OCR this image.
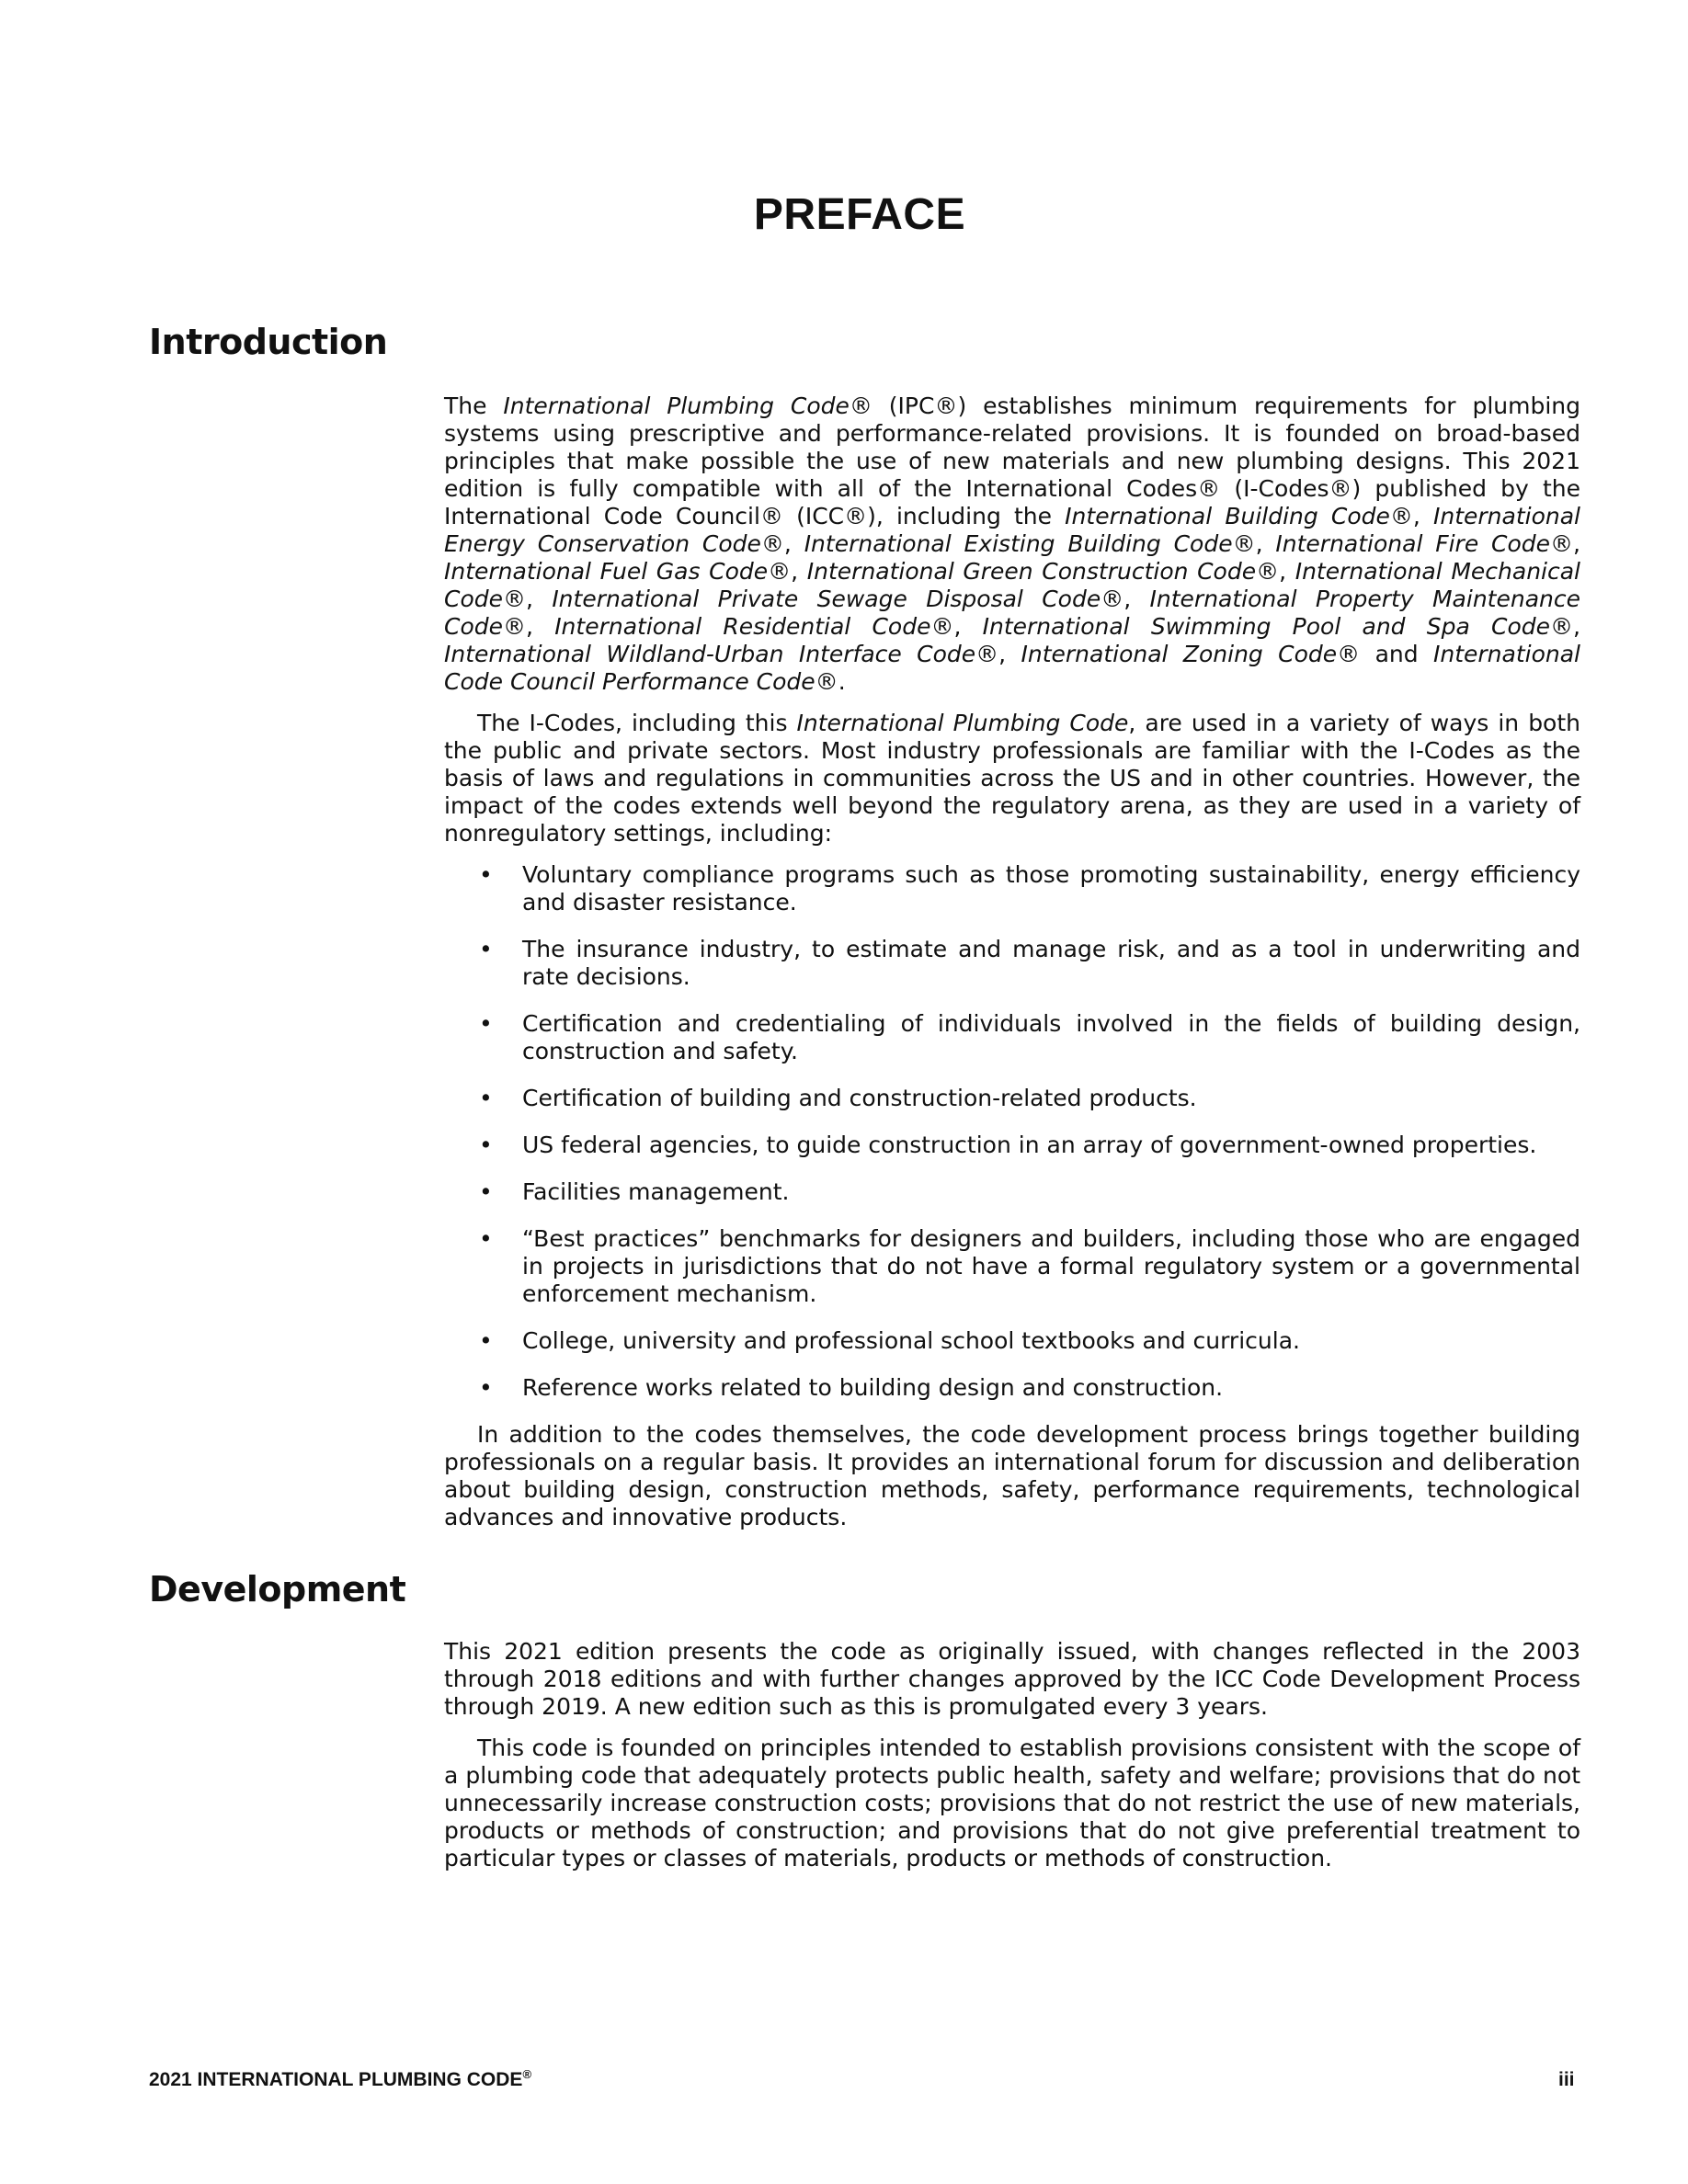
PREFACE
Introduction

The International Plumbing Code® (IPC®) establishes minimum requirements for plumbing systems using prescriptive and performance-related provisions. It is founded on broad-based principles that make possible the use of new materials and new plumbing designs. This 2021 edition is fully compatible with all of the International Codes® (I-Codes®) published by the International Code Council® (ICC®), including the International Building Code®, International Energy Conservation Code®, International Existing Building Code®, International Fire Code®, International Fuel Gas Code®, International Green Construction Code®, International Mechanical Code®, International Private Sewage Disposal Code®, International Property Maintenance Code®, International Residential Code®, International Swimming Pool and Spa Code®, International Wildland-Urban Interface Code®, International Zoning Code® and International Code Council Performance Code®.

The I-Codes, including this International Plumbing Code, are used in a variety of ways in both the public and private sectors. Most industry professionals are familiar with the I-Codes as the basis of laws and regulations in communities across the US and in other countries. However, the impact of the codes extends well beyond the regulatory arena, as they are used in a variety of nonregulatory settings, including:

• Voluntary compliance programs such as those promoting sustainability, energy efficiency and disaster resistance.
• The insurance industry, to estimate and manage risk, and as a tool in underwriting and rate decisions.
• Certification and credentialing of individuals involved in the fields of building design, construction and safety.
• Certification of building and construction-related products.
• US federal agencies, to guide construction in an array of government-owned properties.
• Facilities management.
• “Best practices” benchmarks for designers and builders, including those who are engaged in projects in jurisdictions that do not have a formal regulatory system or a governmental enforcement mechanism.
• College, university and professional school textbooks and curricula.
• Reference works related to building design and construction.

In addition to the codes themselves, the code development process brings together building professionals on a regular basis. It provides an international forum for discussion and deliberation about building design, construction methods, safety, performance requirements, technological advances and innovative products.

Development

This 2021 edition presents the code as originally issued, with changes reflected in the 2003 through 2018 editions and with further changes approved by the ICC Code Development Process through 2019. A new edition such as this is promulgated every 3 years.

This code is founded on principles intended to establish provisions consistent with the scope of a plumbing code that adequately protects public health, safety and welfare; provisions that do not unnecessarily increase construction costs; provisions that do not restrict the use of new materials, products or methods of construction; and provisions that do not give preferential treatment to particular types or classes of materials, products or methods of construction.

2021 INTERNATIONAL PLUMBING CODE®	iii
